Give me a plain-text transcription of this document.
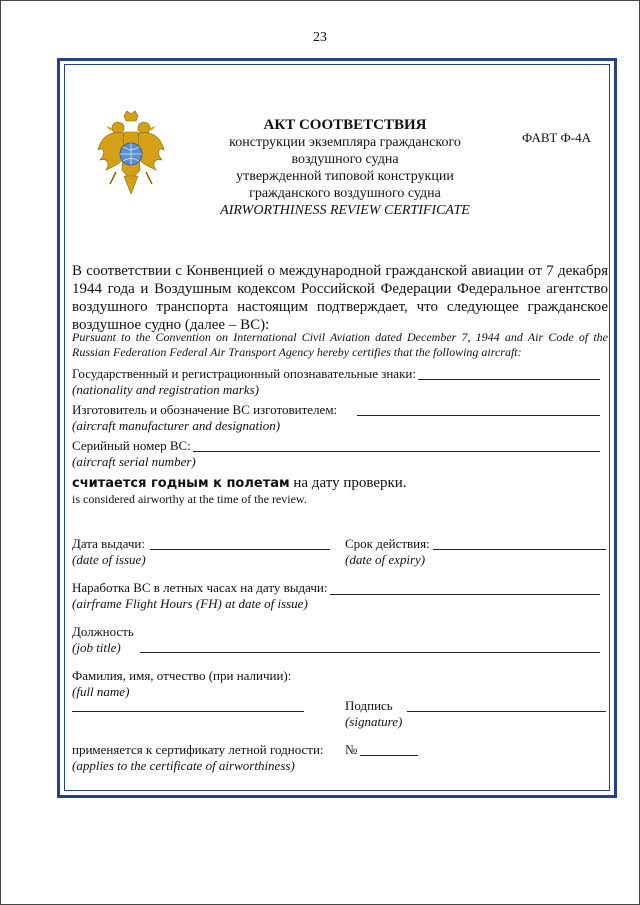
23
АКТ СООТВЕТСТВИЯ
конструкции экземпляра гражданского
воздушного судна
утвержденной типовой конструкции
гражданского воздушного судна
AIRWORTHINESS REVIEW CERTIFICATE
ФАВТ Ф-4А
В соответствии с Конвенцией о международной гражданской авиации от 7 декабря 1944 года и Воздушным кодексом Российской Федерации Федеральное агентство воздушного транспорта настоящим подтверждает, что следующее гражданское воздушное судно (далее – ВС):
Pursuant to the Convention on International Civil Aviation dated December 7, 1944 and Air Code of the Russian Federation Federal Air Transport Agency hereby certifies that the following aircraft:
Государственный и регистрационный опознавательные знаки:
(nationality and registration marks)
Изготовитель и обозначение ВС изготовителем:
(aircraft manufacturer and designation)
Серийный номер ВС:
(aircraft serial number)
считается годным к полетам на дату проверки.
is considered airworthy at the time of the review.
Дата выдачи:
(date of issue)
Срок действия:
(date of expiry)
Наработка ВС в летных часах на дату выдачи:
(airframe Flight Hours (FH) at date of issue)
Должность
(job title)
Фамилия, имя, отчество (при наличии):
(full name)
Подпись
(signature)
применяется к сертификату летной годности:
(applies to the certificate of airworthiness)
№
